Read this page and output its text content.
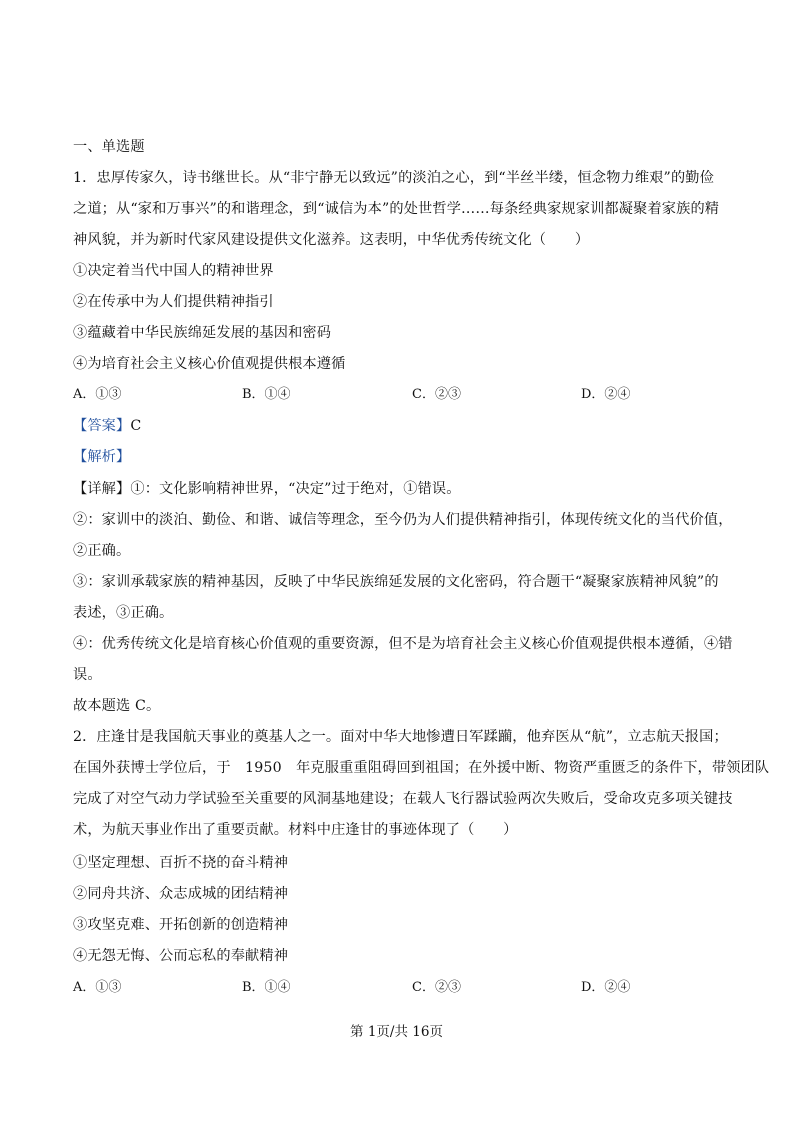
一、单选题
1．忠厚传家久，诗书继世长。从“非宁静无以致远”的淡泊之心，到“半丝半缕，恒念物力维艰”的勤俭
之道；从“家和万事兴”的和谐理念，到“诚信为本”的处世哲学……每条经典家规家训都凝聚着家族的精
神风貌，并为新时代家风建设提供文化滋养。这表明，中华优秀传统文化（　　）
①决定着当代中国人的精神世界
②在传承中为人们提供精神指引
③蕴藏着中华民族绵延发展的基因和密码
④为培育社会主义核心价值观提供根本遵循
A．①③	B．①④	C．②③	D．②④
【答案】C
【解析】
【详解】①：文化影响精神世界，“决定”过于绝对，①错误。
②：家训中的淡泊、勤俭、和谐、诚信等理念，至今仍为人们提供精神指引，体现传统文化的当代价值，
②正确。
③：家训承载家族的精神基因，反映了中华民族绵延发展的文化密码，符合题干“凝聚家族精神风貌”的
表述，③正确。
④：优秀传统文化是培育核心价值观的重要资源，但不是为培育社会主义核心价值观提供根本遵循，④错
误。
故本题选 C。
2．庄逢甘是我国航天事业的奠基人之一。面对中华大地惨遭日军蹂躏，他弃医从“航”，立志航天报国；
在国外获博士学位后，于　1950　年克服重重阻碍回到祖国；在外援中断、物资严重匮乏的条件下，带领团队
完成了对空气动力学试验至关重要的风洞基地建设；在载人飞行器试验两次失败后，受命攻克多项关键技
术，为航天事业作出了重要贡献。材料中庄逢甘的事迹体现了（　　）
①坚定理想、百折不挠的奋斗精神
②同舟共济、众志成城的团结精神
③攻坚克难、开拓创新的创造精神
④无怨无悔、公而忘私的奉献精神
A．①③	B．①④	C．②③	D．②④
第 1页/共 16页
